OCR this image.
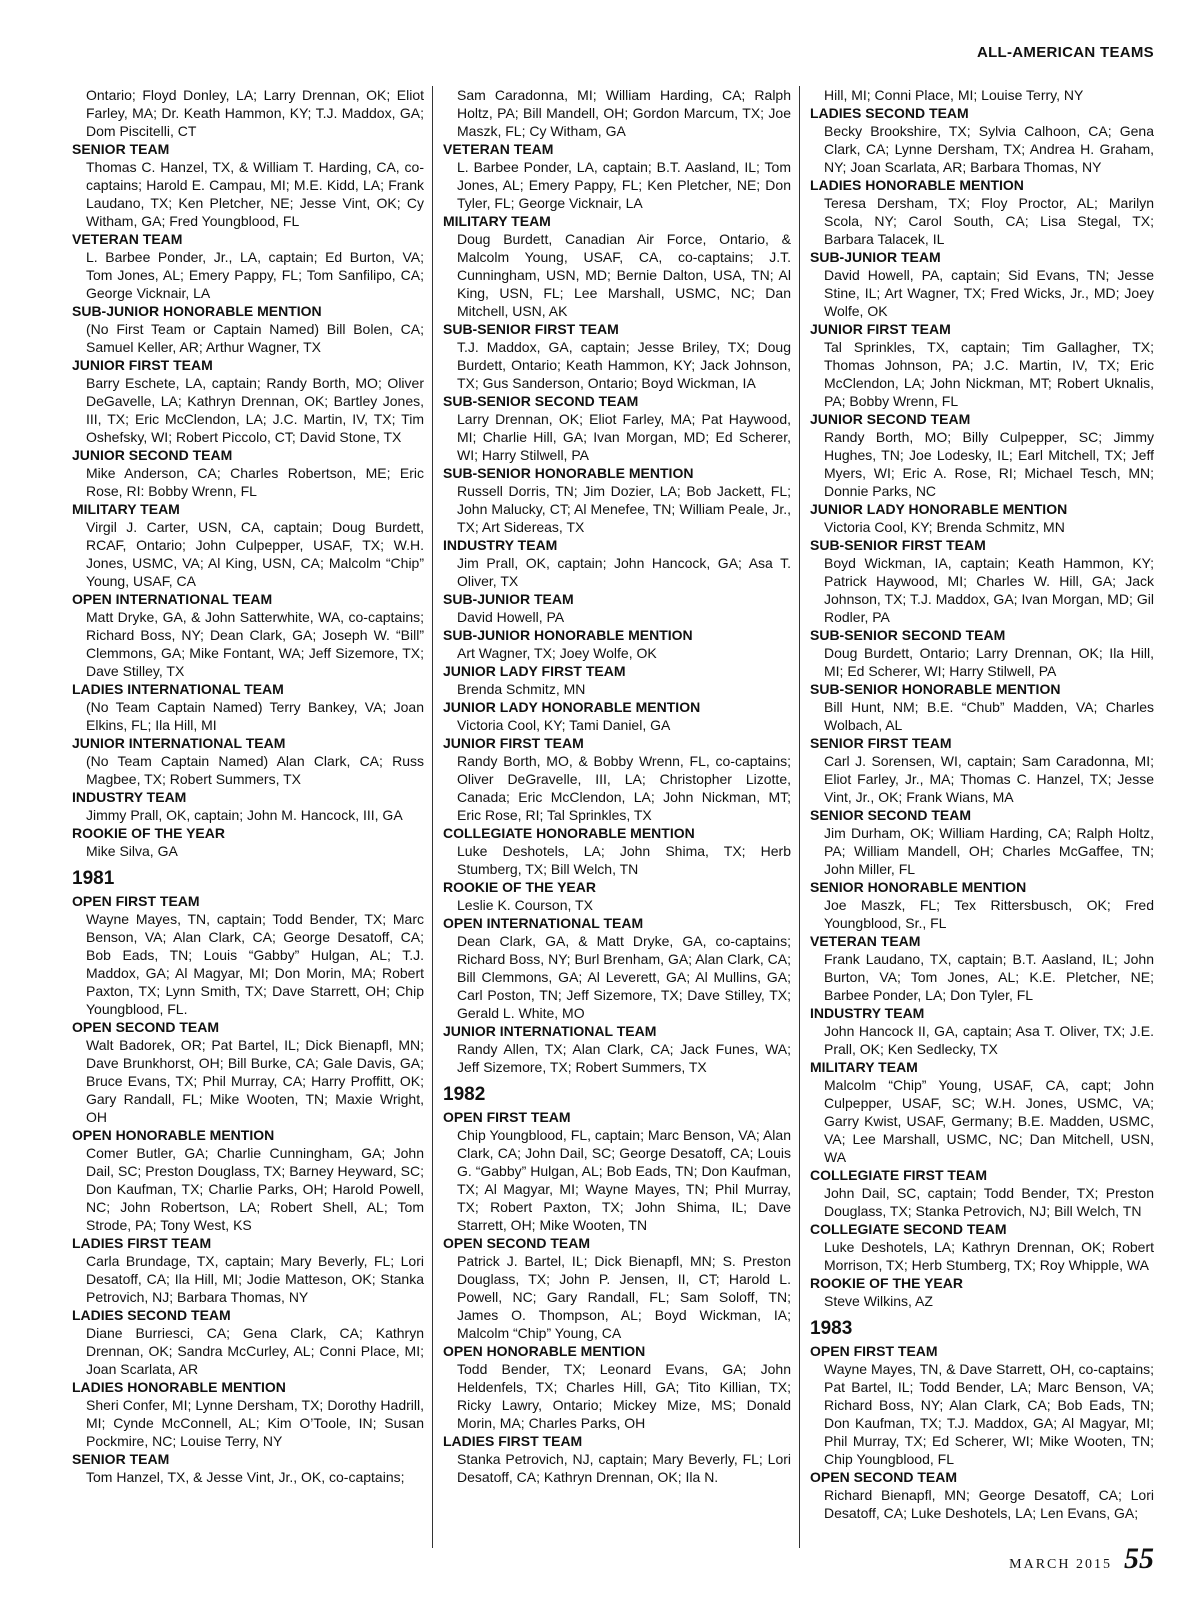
ALL-AMERICAN TEAMS
Ontario; Floyd Donley, LA; Larry Drennan, OK; Eliot Farley, MA; Dr. Keath Hammon, KY; T.J. Maddox, GA; Dom Piscitelli, CT
SENIOR TEAM
Thomas C. Hanzel, TX, & William T. Harding, CA, co-captains; Harold E. Campau, MI; M.E. Kidd, LA; Frank Laudano, TX; Ken Pletcher, NE; Jesse Vint, OK; Cy Witham, GA; Fred Youngblood, FL
VETERAN TEAM
L. Barbee Ponder, Jr., LA, captain; Ed Burton, VA; Tom Jones, AL; Emery Pappy, FL; Tom Sanfilipo, CA; George Vicknair, LA
SUB-JUNIOR HONORABLE MENTION
(No First Team or Captain Named) Bill Bolen, CA; Samuel Keller, AR; Arthur Wagner, TX
JUNIOR FIRST TEAM
Barry Eschete, LA, captain; Randy Borth, MO; Oliver DeGavelle, LA; Kathryn Drennan, OK; Bartley Jones, III, TX; Eric McClendon, LA; J.C. Martin, IV, TX; Tim Oshefsky, WI; Robert Piccolo, CT; David Stone, TX
JUNIOR SECOND TEAM
Mike Anderson, CA; Charles Robertson, ME; Eric Rose, RI: Bobby Wrenn, FL
MILITARY TEAM
Virgil J. Carter, USN, CA, captain; Doug Burdett, RCAF, Ontario; John Culpepper, USAF, TX; W.H. Jones, USMC, VA; Al King, USN, CA; Malcolm “Chip” Young, USAF, CA
OPEN INTERNATIONAL TEAM
Matt Dryke, GA, & John Satterwhite, WA, co-captains; Richard Boss, NY; Dean Clark, GA; Joseph W. “Bill” Clemmons, GA; Mike Fontant, WA; Jeff Sizemore, TX; Dave Stilley, TX
LADIES INTERNATIONAL TEAM
(No Team Captain Named) Terry Bankey, VA; Joan Elkins, FL; Ila Hill, MI
JUNIOR INTERNATIONAL TEAM
(No Team Captain Named) Alan Clark, CA; Russ Magbee, TX; Robert Summers, TX
INDUSTRY TEAM
Jimmy Prall, OK, captain; John M. Hancock, III, GA
ROOKIE OF THE YEAR
Mike Silva, GA
1981
OPEN FIRST TEAM
Wayne Mayes, TN, captain; Todd Bender, TX; Marc Benson, VA; Alan Clark, CA; George Desatoff, CA; Bob Eads, TN; Louis “Gabby” Hulgan, AL; T.J. Maddox, GA; Al Magyar, MI; Don Morin, MA; Robert Paxton, TX; Lynn Smith, TX; Dave Starrett, OH; Chip Youngblood, FL.
OPEN SECOND TEAM
Walt Badorek, OR; Pat Bartel, IL; Dick Bienapfl, MN; Dave Brunkhorst, OH; Bill Burke, CA; Gale Davis, GA; Bruce Evans, TX; Phil Murray, CA; Harry Proffitt, OK; Gary Randall, FL; Mike Wooten, TN; Maxie Wright, OH
OPEN HONORABLE MENTION
Comer Butler, GA; Charlie Cunningham, GA; John Dail, SC; Preston Douglass, TX; Barney Heyward, SC; Don Kaufman, TX; Charlie Parks, OH; Harold Powell, NC; John Robertson, LA; Robert Shell, AL; Tom Strode, PA; Tony West, KS
LADIES FIRST TEAM
Carla Brundage, TX, captain; Mary Beverly, FL; Lori Desatoff, CA; Ila Hill, MI; Jodie Matteson, OK; Stanka Petrovich, NJ; Barbara Thomas, NY
LADIES SECOND TEAM
Diane Burriesci, CA; Gena Clark, CA; Kathryn Drennan, OK; Sandra McCurley, AL; Conni Place, MI; Joan Scarlata, AR
LADIES HONORABLE MENTION
Sheri Confer, MI; Lynne Dersham, TX; Dorothy Hadrill, MI; Cynde McConnell, AL; Kim O’Toole, IN; Susan Pockmire, NC; Louise Terry, NY
SENIOR TEAM
Tom Hanzel, TX, & Jesse Vint, Jr., OK, co-captains;
Sam Caradonna, MI; William Harding, CA; Ralph Holtz, PA; Bill Mandell, OH; Gordon Marcum, TX; Joe Maszk, FL; Cy Witham, GA
VETERAN TEAM
L. Barbee Ponder, LA, captain; B.T. Aasland, IL; Tom Jones, AL; Emery Pappy, FL; Ken Pletcher, NE; Don Tyler, FL; George Vicknair, LA
MILITARY TEAM
Doug Burdett, Canadian Air Force, Ontario, & Malcolm Young, USAF, CA, co-captains; J.T. Cunningham, USN, MD; Bernie Dalton, USA, TN; Al King, USN, FL; Lee Marshall, USMC, NC; Dan Mitchell, USN, AK
SUB-SENIOR FIRST TEAM
T.J. Maddox, GA, captain; Jesse Briley, TX; Doug Burdett, Ontario; Keath Hammon, KY; Jack Johnson, TX; Gus Sanderson, Ontario; Boyd Wickman, IA
SUB-SENIOR SECOND TEAM
Larry Drennan, OK; Eliot Farley, MA; Pat Haywood, MI; Charlie Hill, GA; Ivan Morgan, MD; Ed Scherer, WI; Harry Stilwell, PA
SUB-SENIOR HONORABLE MENTION
Russell Dorris, TN; Jim Dozier, LA; Bob Jackett, FL; John Malucky, CT; Al Menefee, TN; William Peale, Jr., TX; Art Sidereas, TX
INDUSTRY TEAM
Jim Prall, OK, captain; John Hancock, GA; Asa T. Oliver, TX
SUB-JUNIOR TEAM
David Howell, PA
SUB-JUNIOR HONORABLE MENTION
Art Wagner, TX; Joey Wolfe, OK
JUNIOR LADY FIRST TEAM
Brenda Schmitz, MN
JUNIOR LADY HONORABLE MENTION
Victoria Cool, KY; Tami Daniel, GA
JUNIOR FIRST TEAM
Randy Borth, MO, & Bobby Wrenn, FL, co-captains; Oliver DeGravelle, III, LA; Christopher Lizotte, Canada; Eric McClendon, LA; John Nickman, MT; Eric Rose, RI; Tal Sprinkles, TX
COLLEGIATE HONORABLE MENTION
Luke Deshotels, LA; John Shima, TX; Herb Stumberg, TX; Bill Welch, TN
ROOKIE OF THE YEAR
Leslie K. Courson, TX
OPEN INTERNATIONAL TEAM
Dean Clark, GA, & Matt Dryke, GA, co-captains; Richard Boss, NY; Burl Brenham, GA; Alan Clark, CA; Bill Clemmons, GA; Al Leverett, GA; Al Mullins, GA; Carl Poston, TN; Jeff Sizemore, TX; Dave Stilley, TX; Gerald L. White, MO
JUNIOR INTERNATIONAL TEAM
Randy Allen, TX; Alan Clark, CA; Jack Funes, WA; Jeff Sizemore, TX; Robert Summers, TX
1982
OPEN FIRST TEAM
Chip Youngblood, FL, captain; Marc Benson, VA; Alan Clark, CA; John Dail, SC; George Desatoff, CA; Louis G. “Gabby” Hulgan, AL; Bob Eads, TN; Don Kaufman, TX; Al Magyar, MI; Wayne Mayes, TN; Phil Murray, TX; Robert Paxton, TX; John Shima, IL; Dave Starrett, OH; Mike Wooten, TN
OPEN SECOND TEAM
Patrick J. Bartel, IL; Dick Bienapfl, MN; S. Preston Douglass, TX; John P. Jensen, II, CT; Harold L. Powell, NC; Gary Randall, FL; Sam Soloff, TN; James O. Thompson, AL; Boyd Wickman, IA; Malcolm “Chip” Young, CA
OPEN HONORABLE MENTION
Todd Bender, TX; Leonard Evans, GA; John Heldenfels, TX; Charles Hill, GA; Tito Killian, TX; Ricky Lawry, Ontario; Mickey Mize, MS; Donald Morin, MA; Charles Parks, OH
LADIES FIRST TEAM
Stanka Petrovich, NJ, captain; Mary Beverly, FL; Lori Desatoff, CA; Kathryn Drennan, OK; Ila N.
Hill, MI; Conni Place, MI; Louise Terry, NY
LADIES SECOND TEAM
Becky Brookshire, TX; Sylvia Calhoon, CA; Gena Clark, CA; Lynne Dersham, TX; Andrea H. Graham, NY; Joan Scarlata, AR; Barbara Thomas, NY
LADIES HONORABLE MENTION
Teresa Dersham, TX; Floy Proctor, AL; Marilyn Scola, NY; Carol South, CA; Lisa Stegal, TX; Barbara Talacek, IL
SUB-JUNIOR TEAM
David Howell, PA, captain; Sid Evans, TN; Jesse Stine, IL; Art Wagner, TX; Fred Wicks, Jr., MD; Joey Wolfe, OK
JUNIOR FIRST TEAM
Tal Sprinkles, TX, captain; Tim Gallagher, TX; Thomas Johnson, PA; J.C. Martin, IV, TX; Eric McClendon, LA; John Nickman, MT; Robert Uknalis, PA; Bobby Wrenn, FL
JUNIOR SECOND TEAM
Randy Borth, MO; Billy Culpepper, SC; Jimmy Hughes, TN; Joe Lodesky, IL; Earl Mitchell, TX; Jeff Myers, WI; Eric A. Rose, RI; Michael Tesch, MN; Donnie Parks, NC
JUNIOR LADY HONORABLE MENTION
Victoria Cool, KY; Brenda Schmitz, MN
SUB-SENIOR FIRST TEAM
Boyd Wickman, IA, captain; Keath Hammon, KY; Patrick Haywood, MI; Charles W. Hill, GA; Jack Johnson, TX; T.J. Maddox, GA; Ivan Morgan, MD; Gil Rodler, PA
SUB-SENIOR SECOND TEAM
Doug Burdett, Ontario; Larry Drennan, OK; Ila Hill, MI; Ed Scherer, WI; Harry Stilwell, PA
SUB-SENIOR HONORABLE MENTION
Bill Hunt, NM; B.E. “Chub” Madden, VA; Charles Wolbach, AL
SENIOR FIRST TEAM
Carl J. Sorensen, WI, captain; Sam Caradonna, MI; Eliot Farley, Jr., MA; Thomas C. Hanzel, TX; Jesse Vint, Jr., OK; Frank Wians, MA
SENIOR SECOND TEAM
Jim Durham, OK; William Harding, CA; Ralph Holtz, PA; William Mandell, OH; Charles McGaffee, TN; John Miller, FL
SENIOR HONORABLE MENTION
Joe Maszk, FL; Tex Rittersbusch, OK; Fred Youngblood, Sr., FL
VETERAN TEAM
Frank Laudano, TX, captain; B.T. Aasland, IL; John Burton, VA; Tom Jones, AL; K.E. Pletcher, NE; Barbee Ponder, LA; Don Tyler, FL
INDUSTRY TEAM
John Hancock II, GA, captain; Asa T. Oliver, TX; J.E. Prall, OK; Ken Sedlecky, TX
MILITARY TEAM
Malcolm “Chip” Young, USAF, CA, capt; John Culpepper, USAF, SC; W.H. Jones, USMC, VA; Garry Kwist, USAF, Germany; B.E. Madden, USMC, VA; Lee Marshall, USMC, NC; Dan Mitchell, USN, WA
COLLEGIATE FIRST TEAM
John Dail, SC, captain; Todd Bender, TX; Preston Douglass, TX; Stanka Petrovich, NJ; Bill Welch, TN
COLLEGIATE SECOND TEAM
Luke Deshotels, LA; Kathryn Drennan, OK; Robert Morrison, TX; Herb Stumberg, TX; Roy Whipple, WA
ROOKIE OF THE YEAR
Steve Wilkins, AZ
1983
OPEN FIRST TEAM
Wayne Mayes, TN, & Dave Starrett, OH, co-captains; Pat Bartel, IL; Todd Bender, LA; Marc Benson, VA; Richard Boss, NY; Alan Clark, CA; Bob Eads, TN; Don Kaufman, TX; T.J. Maddox, GA; Al Magyar, MI; Phil Murray, TX; Ed Scherer, WI; Mike Wooten, TN; Chip Youngblood, FL
OPEN SECOND TEAM
Richard Bienapfl, MN; George Desatoff, CA; Lori Desatoff, CA; Luke Deshotels, LA; Len Evans, GA;
MARCH 2015 55
